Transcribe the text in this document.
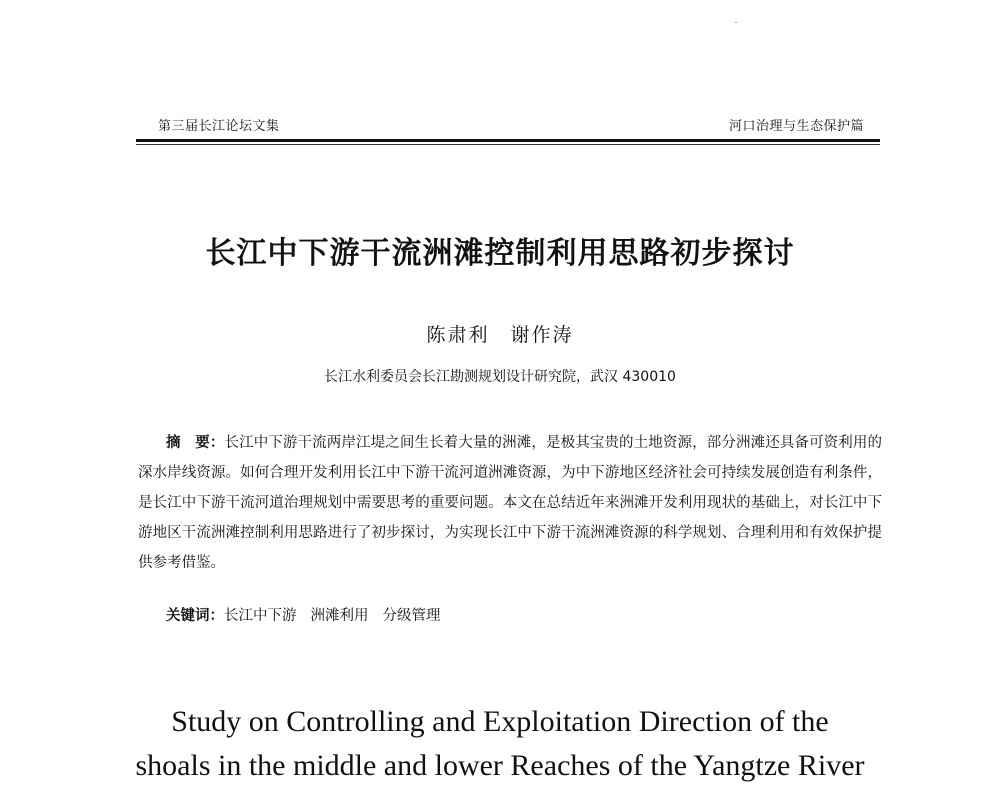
第三届长江论坛文集	河口治理与生态保护篇
长江中下游干流洲滩控制利用思路初步探讨
陈肃利　谢作涛
长江水利委员会长江勘测规划设计研究院，武汉 430010
摘　要：长江中下游干流两岸江堤之间生长着大量的洲滩，是极其宝贵的土地资源，部分洲滩还具备可资利用的深水岸线资源。如何合理开发利用长江中下游干流河道洲滩资源，为中下游地区经济社会可持续发展创造有利条件，是长江中下游干流河道治理规划中需要思考的重要问题。本文在总结近年来洲滩开发利用现状的基础上，对长江中下游地区干流洲滩控制利用思路进行了初步探讨，为实现长江中下游干流洲滩资源的科学规划、合理利用和有效保护提供参考借鉴。
关键词：长江中下游 洲滩利用 分级管理
Study on Controlling and Exploitation Direction of the
shoals in the middle and lower Reaches of the Yangtze River
